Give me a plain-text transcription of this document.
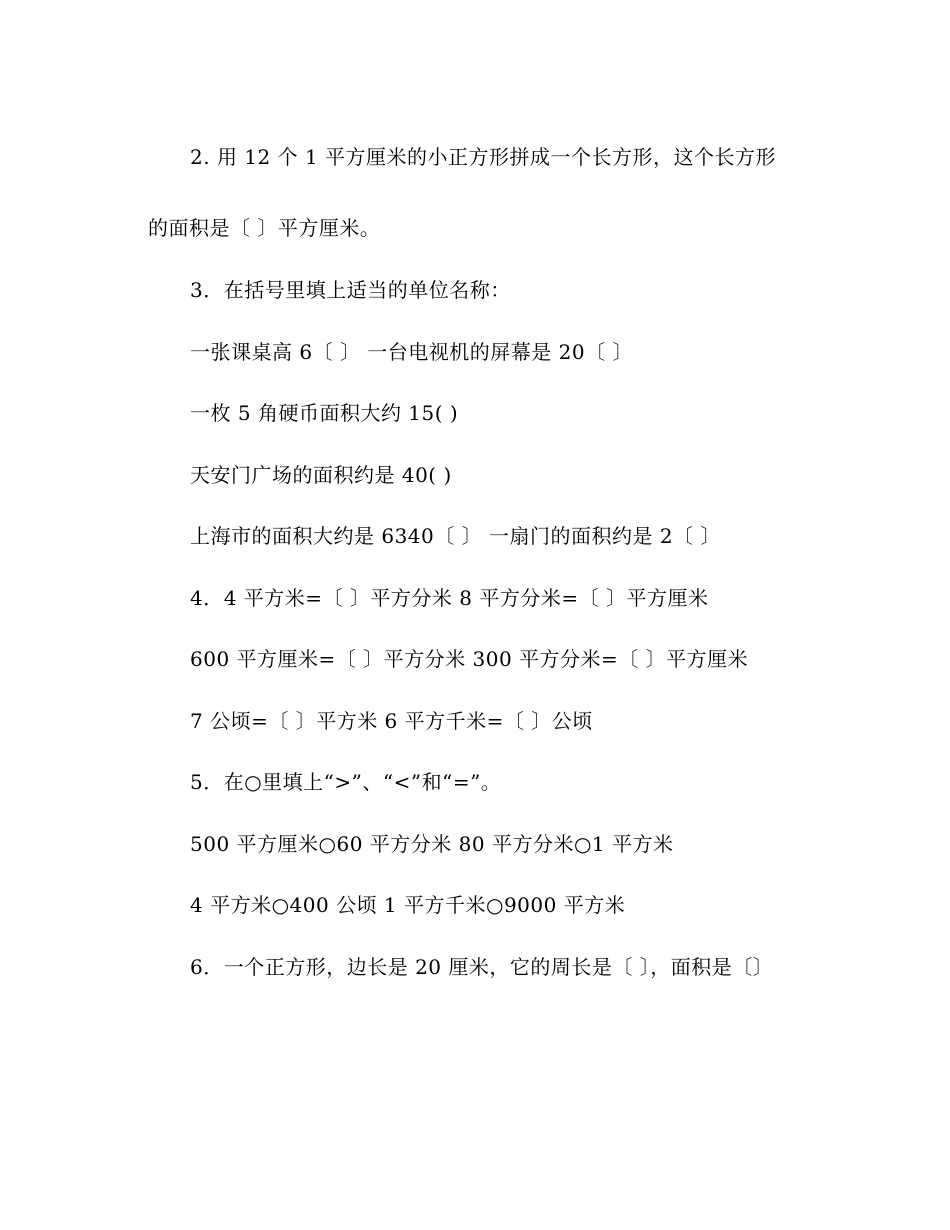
2. 用 12 个 1 平方厘米的小正方形拼成一个长方形，这个长方形
的面积是〔 〕平方厘米。
3．在括号里填上适当的单位名称：
一张课桌高 6〔 〕 一台电视机的屏幕是 20〔 〕
一枚 5 角硬币面积大约 15( )
天安门广场的面积约是 40( )
上海市的面积大约是 6340〔 〕 一扇门的面积约是 2〔 〕
4．4 平方米=〔 〕平方分米 8 平方分米=〔 〕平方厘米
600 平方厘米=〔 〕平方分米 300 平方分米=〔 〕平方厘米
7 公顷=〔 〕平方米 6 平方千米=〔 〕公顷
5．在○里填上“>”、“<”和“=”。
500 平方厘米○60 平方分米 80 平方分米○1 平方米
4 平方米○400 公顷 1 平方千米○9000 平方米
6．一个正方形，边长是 20 厘米，它的周长是〔 〕，面积是〔〕
